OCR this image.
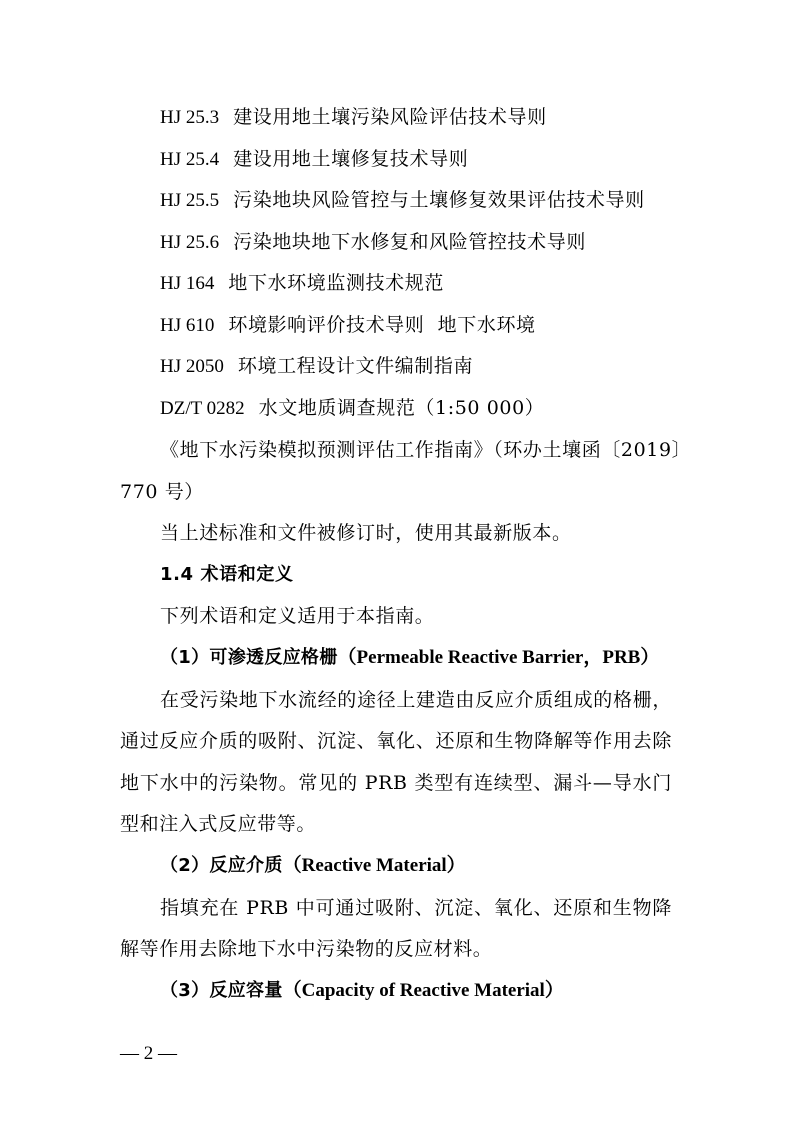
HJ 25.3 建设用地土壤污染风险评估技术导则
HJ 25.4 建设用地土壤修复技术导则
HJ 25.5 污染地块风险管控与土壤修复效果评估技术导则
HJ 25.6 污染地块地下水修复和风险管控技术导则
HJ 164 地下水环境监测技术规范
HJ 610 环境影响评价技术导则  地下水环境
HJ 2050 环境工程设计文件编制指南
DZ/T 0282 水文地质调查规范（1:50 000）
《地下水污染模拟预测评估工作指南》（环办土壤函〔2019〕
770 号）
当上述标准和文件被修订时，使用其最新版本。
1.4 术语和定义
下列术语和定义适用于本指南。
（1）可渗透反应格栅（Permeable Reactive Barrier，PRB）
在受污染地下水流经的途径上建造由反应介质组成的格栅，
通过反应介质的吸附、沉淀、氧化、还原和生物降解等作用去除
地下水中的污染物。常见的 PRB 类型有连续型、漏斗—导水门
型和注入式反应带等。
（2）反应介质（Reactive Material）
指填充在 PRB 中可通过吸附、沉淀、氧化、还原和生物降
解等作用去除地下水中污染物的反应材料。
（3）反应容量（Capacity of Reactive Material）
— 2 —
